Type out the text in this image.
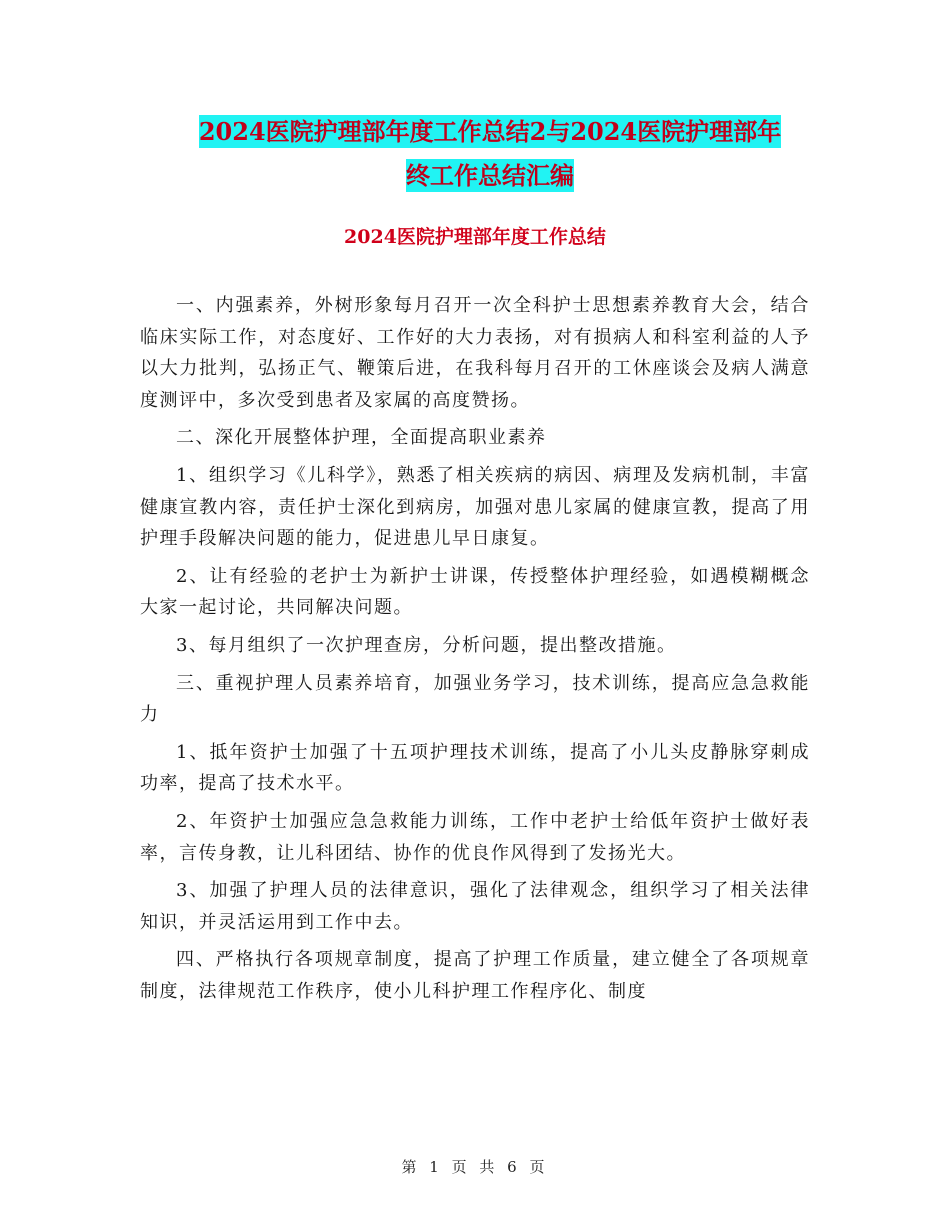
2024医院护理部年度工作总结2与2024医院护理部年
终工作总结汇编
2024医院护理部年度工作总结

一、内强素养，外树形象每月召开一次全科护士思想素养教育大会，结合临床实际工作，对态度好、工作好的大力表扬，对有损病人和科室利益的人予以大力批判，弘扬正气、鞭策后进，在我科每月召开的工休座谈会及病人满意度测评中，多次受到患者及家属的高度赞扬。

二、深化开展整体护理，全面提高职业素养

1、组织学习《儿科学》，熟悉了相关疾病的病因、病理及发病机制，丰富健康宣教内容，责任护士深化到病房，加强对患儿家属的健康宣教，提高了用护理手段解决问题的能力，促进患儿早日康复。

2、让有经验的老护士为新护士讲课，传授整体护理经验，如遇模糊概念大家一起讨论，共同解决问题。

3、每月组织了一次护理查房，分析问题，提出整改措施。

三、重视护理人员素养培育，加强业务学习，技术训练，提高应急急救能力

1、抵年资护士加强了十五项护理技术训练，提高了小儿头皮静脉穿刺成功率，提高了技术水平。

2、年资护士加强应急急救能力训练，工作中老护士给低年资护士做好表率，言传身教，让儿科团结、协作的优良作风得到了发扬光大。

3、加强了护理人员的法律意识，强化了法律观念，组织学习了相关法律知识，并灵活运用到工作中去。

四、严格执行各项规章制度，提高了护理工作质量，建立健全了各项规章制度，法律规范工作秩序，使小儿科护理工作程序化、制度

第 1 页 共 6 页
